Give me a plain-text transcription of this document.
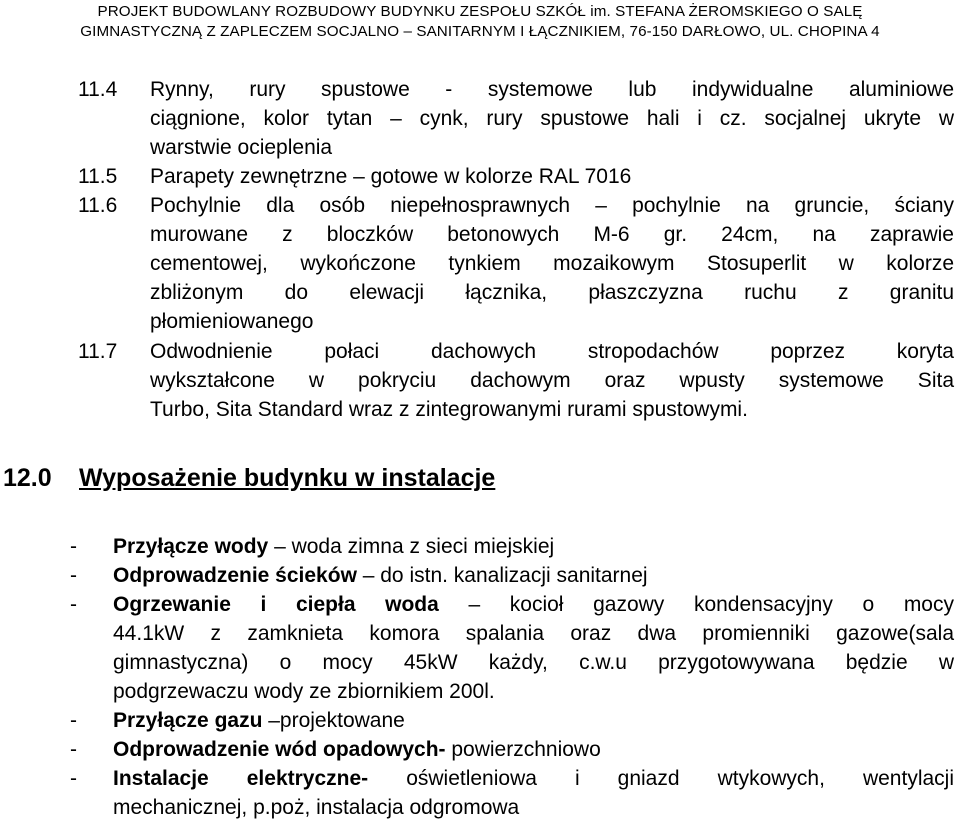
PROJEKT BUDOWLANY ROZBUDOWY BUDYNKU ZESPOŁU SZKÓŁ im. STEFANA ŻEROMSKIEGO O SALĘ
GIMNASTYCZNĄ Z ZAPLECZEM SOCJALNO – SANITARNYM I ŁĄCZNIKIEM, 76-150 DARŁOWO, UL. CHOPINA 4
11.4 Rynny, rury spustowe - systemowe lub indywidualne aluminiowe
ciągnione, kolor tytan – cynk, rury spustowe hali i cz. socjalnej ukryte w
warstwie ocieplenia
11.5 Parapety zewnętrzne – gotowe w kolorze RAL 7016
11.6 Pochylnie dla osób niepełnosprawnych – pochylnie na gruncie, ściany
murowane z bloczków betonowych M-6 gr. 24cm, na zaprawie
cementowej, wykończone tynkiem mozaikowym Stosuperlit w kolorze
zbliżonym do elewacji łącznika, płaszczyzna ruchu z granitu
płomieniowanego
11.7 Odwodnienie połaci dachowych stropodachów poprzez koryta
wykształcone w pokryciu dachowym oraz wpusty systemowe Sita
Turbo, Sita Standard wraz z zintegrowanymi rurami spustowymi.
12.0 Wyposażenie budynku w instalacje
- Przyłącze wody – woda zimna z sieci miejskiej
- Odprowadzenie ścieków – do istn. kanalizacji sanitarnej
- Ogrzewanie i ciepła woda – kocioł gazowy kondensacyjny o mocy
44.1kW z zamknieta komora spalania oraz dwa promienniki gazowe(sala
gimnastyczna) o mocy 45kW każdy, c.w.u przygotowywana będzie w
podgrzewaczu wody ze zbiornikiem 200l.
- Przyłącze gazu –projektowane
- Odprowadzenie wód opadowych- powierzchniowo
- Instalacje elektryczne- oświetleniowa i gniazd wtykowych, wentylacji
mechanicznej, p.poż, instalacja odgromowa
